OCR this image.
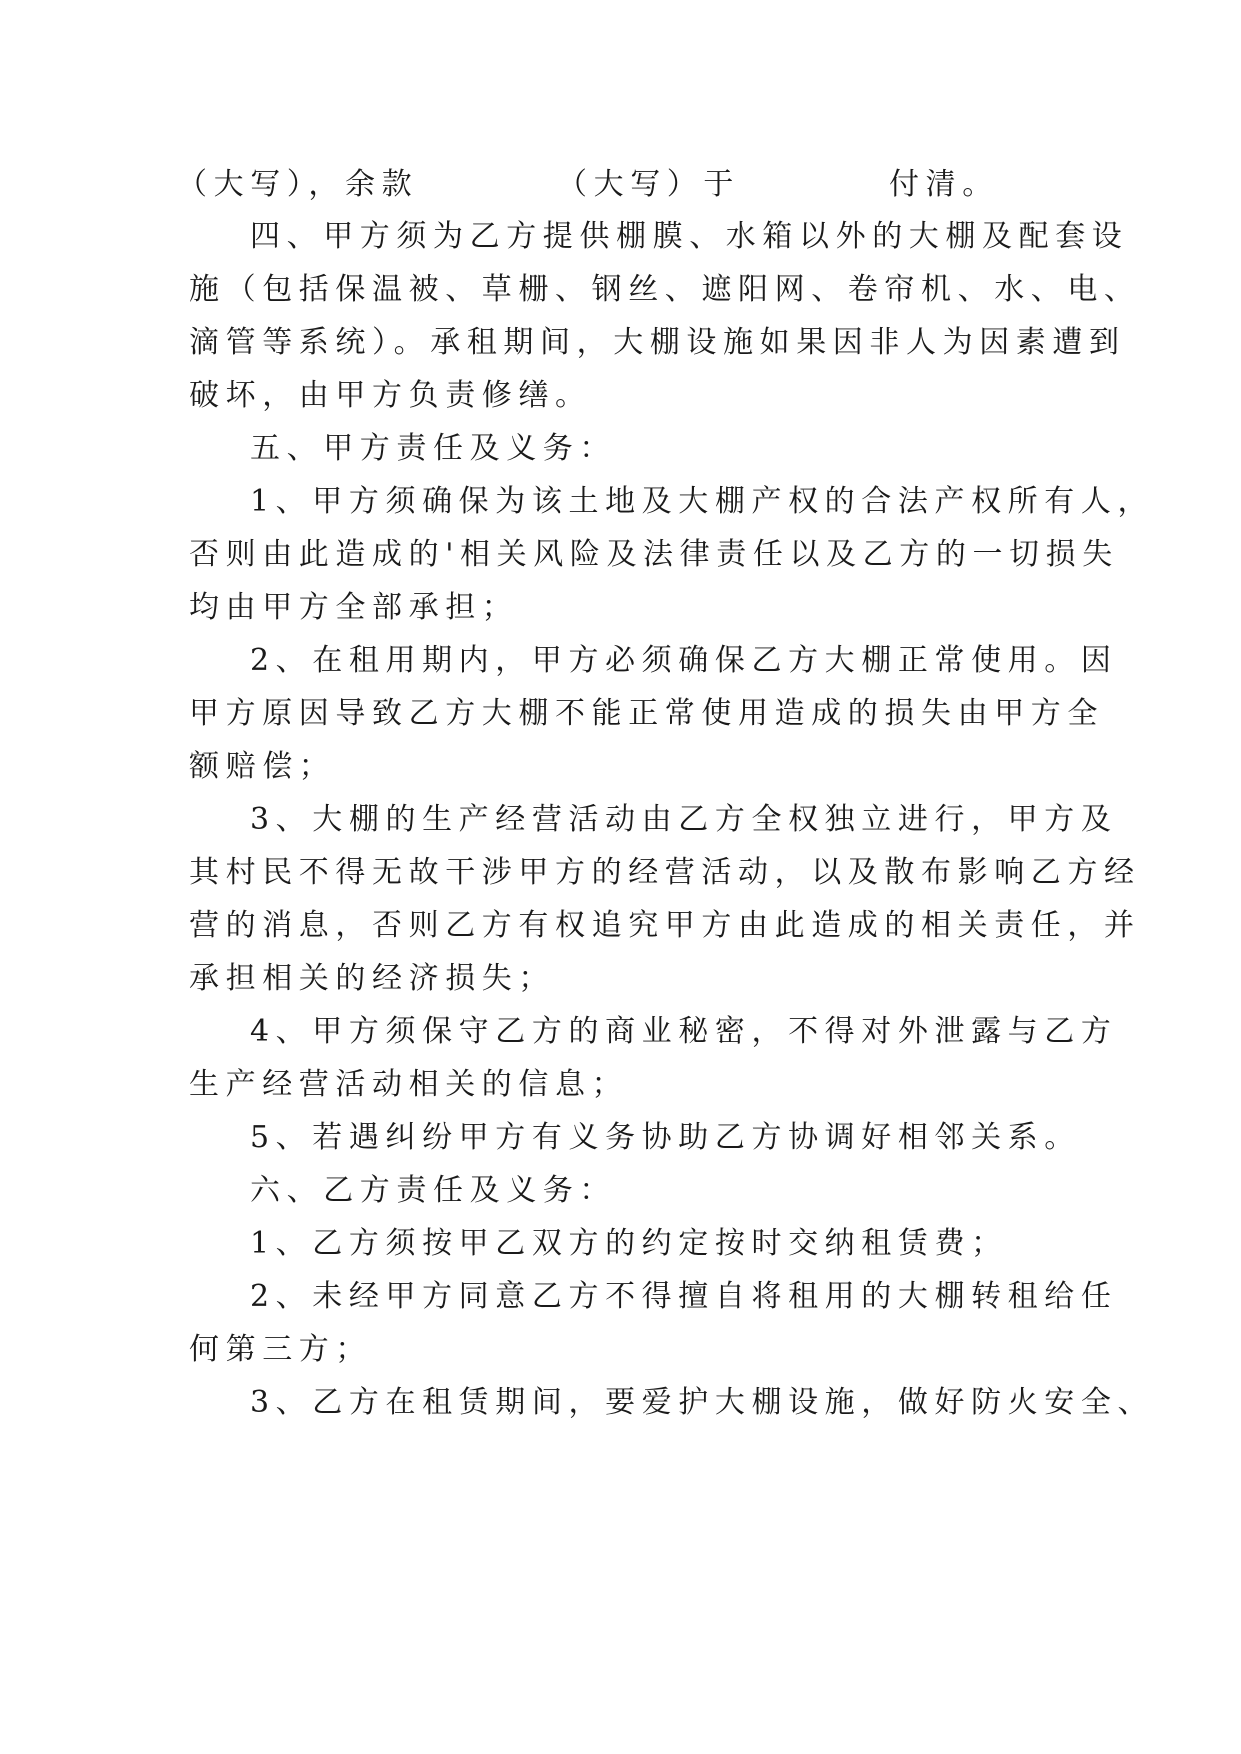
（大写），余款

	（大写）于

	付清。

四、甲方须为乙方提供棚膜、水箱以外的大棚及配套设
施（包括保温被、草栅、钢丝、遮阳网、卷帘机、水、电、
滴管等系统）。承租期间，大棚设施如果因非人为因素遭到
破坏，由甲方负责修缮。
五、甲方责任及义务：
1、甲方须确保为该土地及大棚产权的合法产权所有人，
否则由此造成的'相关风险及法律责任以及乙方的一切损失
均由甲方全部承担；
2、在租用期内，甲方必须确保乙方大棚正常使用。因
甲方原因导致乙方大棚不能正常使用造成的损失由甲方全
额赔偿；
3、大棚的生产经营活动由乙方全权独立进行，甲方及
其村民不得无故干涉甲方的经营活动，以及散布影响乙方经
营的消息，否则乙方有权追究甲方由此造成的相关责任，并
承担相关的经济损失；
4、甲方须保守乙方的商业秘密，不得对外泄露与乙方
生产经营活动相关的信息；
5、若遇纠纷甲方有义务协助乙方协调好相邻关系。
六、乙方责任及义务：
1、乙方须按甲乙双方的约定按时交纳租赁费；
2、未经甲方同意乙方不得擅自将租用的大棚转租给任
何第三方；
3、乙方在租赁期间，要爱护大棚设施，做好防火安全、
